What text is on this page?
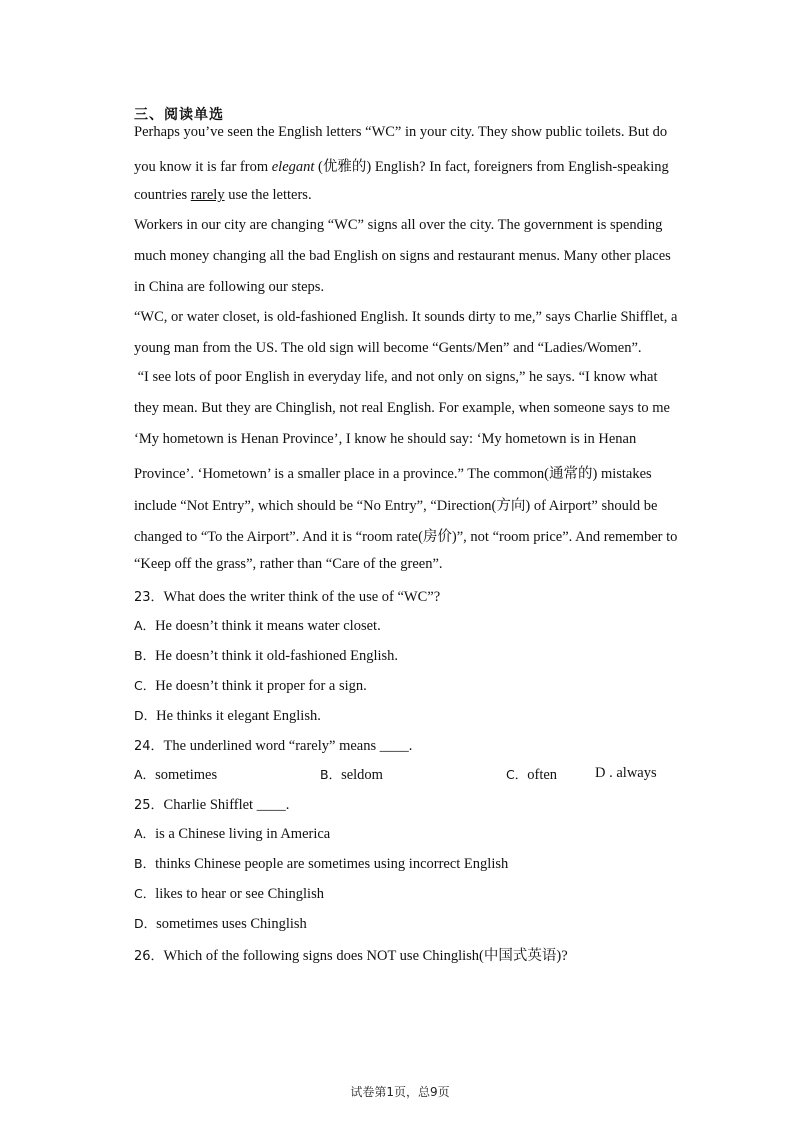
三、阅读单选
Perhaps you’ve seen the English letters “WC” in your city. They show public toilets. But do
you know it is far from elegant (优雅的) English? In fact, foreigners from English-speaking
countries rarely use the letters.
Workers in our city are changing “WC” signs all over the city. The government is spending
much money changing all the bad English on signs and restaurant menus. Many other places
in China are following our steps.
“WC, or water closet, is old-fashioned English. It sounds dirty to me,” says Charlie Shifflet, a
young man from the US. The old sign will become “Gents/Men” and “Ladies/Women”.
“I see lots of poor English in everyday life, and not only on signs,” he says. “I know what
they mean. But they are Chinglish, not real English. For example, when someone says to me
‘My hometown is Henan Province’, I know he should say: ‘My hometown is in Henan
Province’. ‘Hometown’ is a smaller place in a province.” The common(通常的) mistakes
include “Not Entry”, which should be “No Entry”, “Direction(方向) of Airport” should be
changed to “To the Airport”. And it is “room rate(房价)”, not “room price”. And remember to
“Keep off the grass”, rather than “Care of the green”.
23．What does the writer think of the use of “WC”?
A．He doesn’t think it means water closet.
B．He doesn’t think it old-fashioned English.
C．He doesn’t think it proper for a sign.
D．He thinks it elegant English.
24．The underlined word “rarely” means ____.
A．sometimes	B．seldom	C．often	D . always
25．Charlie Shifflet ____.
A．is a Chinese living in America
B．thinks Chinese people are sometimes using incorrect English
C．likes to hear or see Chinglish
D．sometimes uses Chinglish
26．Which of the following signs does NOT use Chinglish(中国式英语)?
试卷第1页，总9页
